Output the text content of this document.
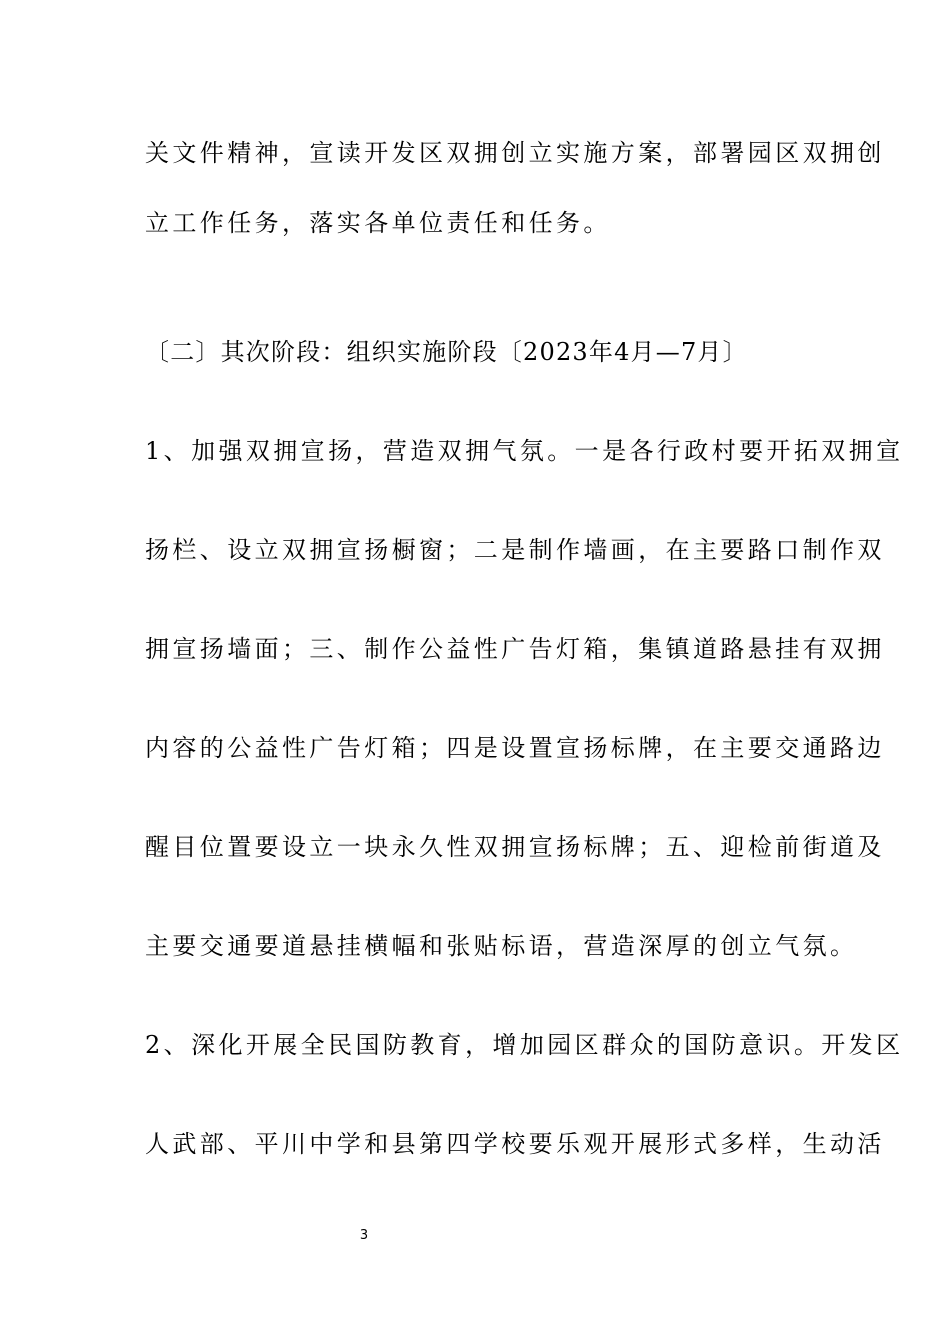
关文件精神，宣读开发区双拥创立实施方案，部署园区双拥创
立工作任务，落实各单位责任和任务。
〔二〕其次阶段：组织实施阶段〔2023年4月—7月〕
1、加强双拥宣扬，营造双拥气氛。一是各行政村要开拓双拥宣
扬栏、设立双拥宣扬橱窗；二是制作墙画，在主要路口制作双
拥宣扬墙面；三、制作公益性广告灯箱，集镇道路悬挂有双拥
内容的公益性广告灯箱；四是设置宣扬标牌，在主要交通路边
醒目位置要设立一块永久性双拥宣扬标牌；五、迎检前街道及
主要交通要道悬挂横幅和张贴标语，营造深厚的创立气氛。
2、深化开展全民国防教育，增加园区群众的国防意识。开发区
人武部、平川中学和县第四学校要乐观开展形式多样，生动活
3
